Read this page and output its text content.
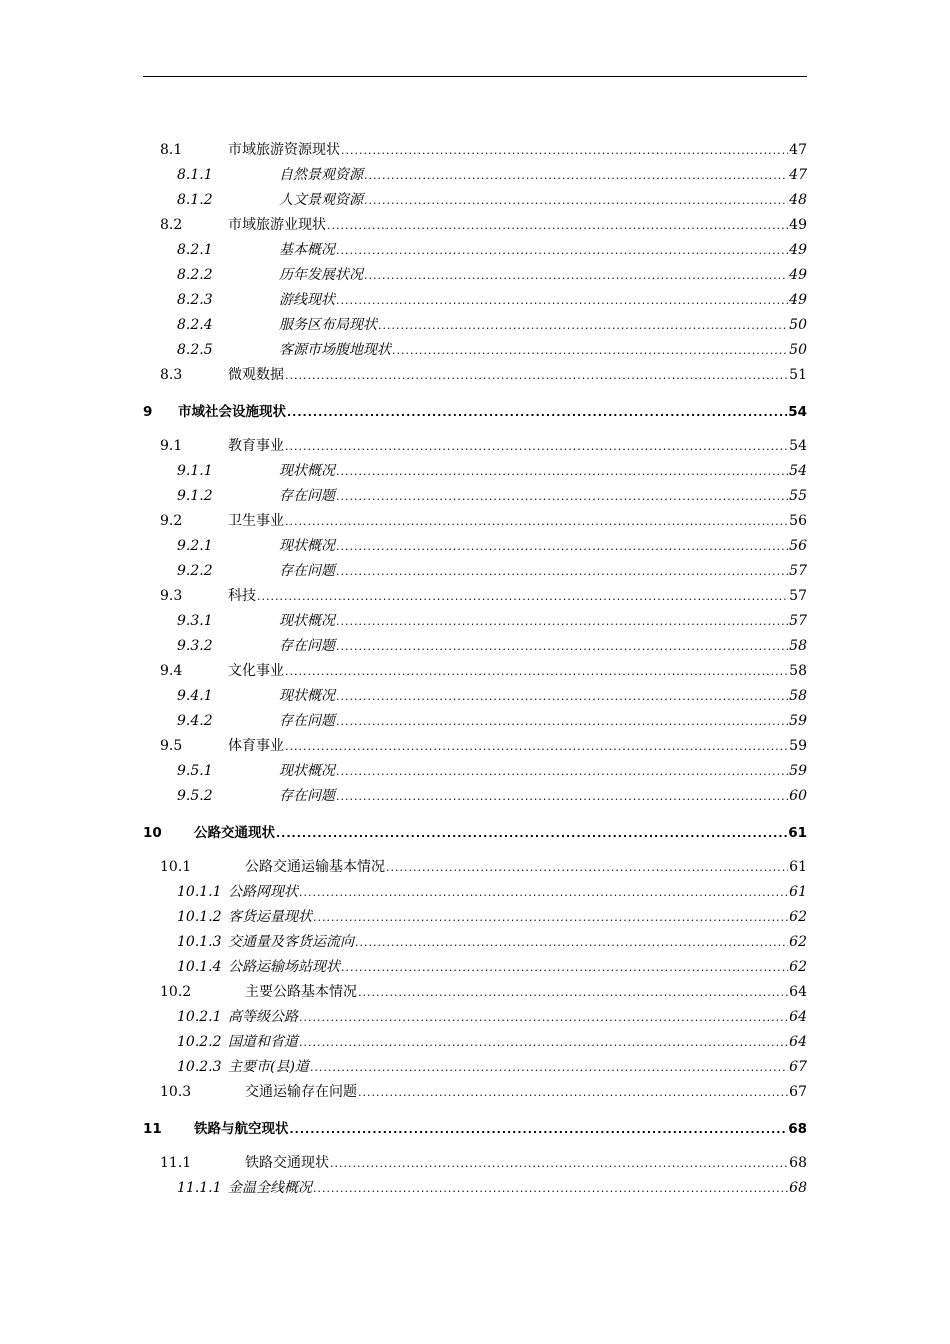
8.1	市域旅游资源现状 .....	47
8.1.1	自然景观资源 .....	47
8.1.2	人文景观资源 .....	48
8.2	市域旅游业现状 .....	49
8.2.1	基本概况 .....	49
8.2.2	历年发展状况 .....	49
8.2.3	游线现状 .....	49
8.2.4	服务区布局现状 .....	50
8.2.5	客源市场腹地现状 .....	50
8.3	微观数据 .....	51
9	市域社会设施现状 .....	54
9.1	教育事业 .....	54
9.1.1	现状概况 .....	54
9.1.2	存在问题 .....	55
9.2	卫生事业 .....	56
9.2.1	现状概况 .....	56
9.2.2	存在问题 .....	57
9.3	科技 .....	57
9.3.1	现状概况 .....	57
9.3.2	存在问题 .....	58
9.4	文化事业 .....	58
9.4.1	现状概况 .....	58
9.4.2	存在问题 .....	59
9.5	体育事业 .....	59
9.5.1	现状概况 .....	59
9.5.2	存在问题 .....	60
10	公路交通现状 .....	61
10.1	公路交通运输基本情况 .....	61
10.1.1 公路网现状 .....	61
10.1.2 客货运量现状 .....	62
10.1.3 交通量及客货运流向 .....	62
10.1.4 公路运输场站现状 .....	62
10.2	主要公路基本情况 .....	64
10.2.1 高等级公路 .....	64
10.2.2 国道和省道 .....	64
10.2.3 主要市(县)道 .....	67
10.3	交通运输存在问题 .....	67
11	铁路与航空现状 .....	68
11.1	铁路交通现状 .....	68
11.1.1 金温全线概况 .....	68
